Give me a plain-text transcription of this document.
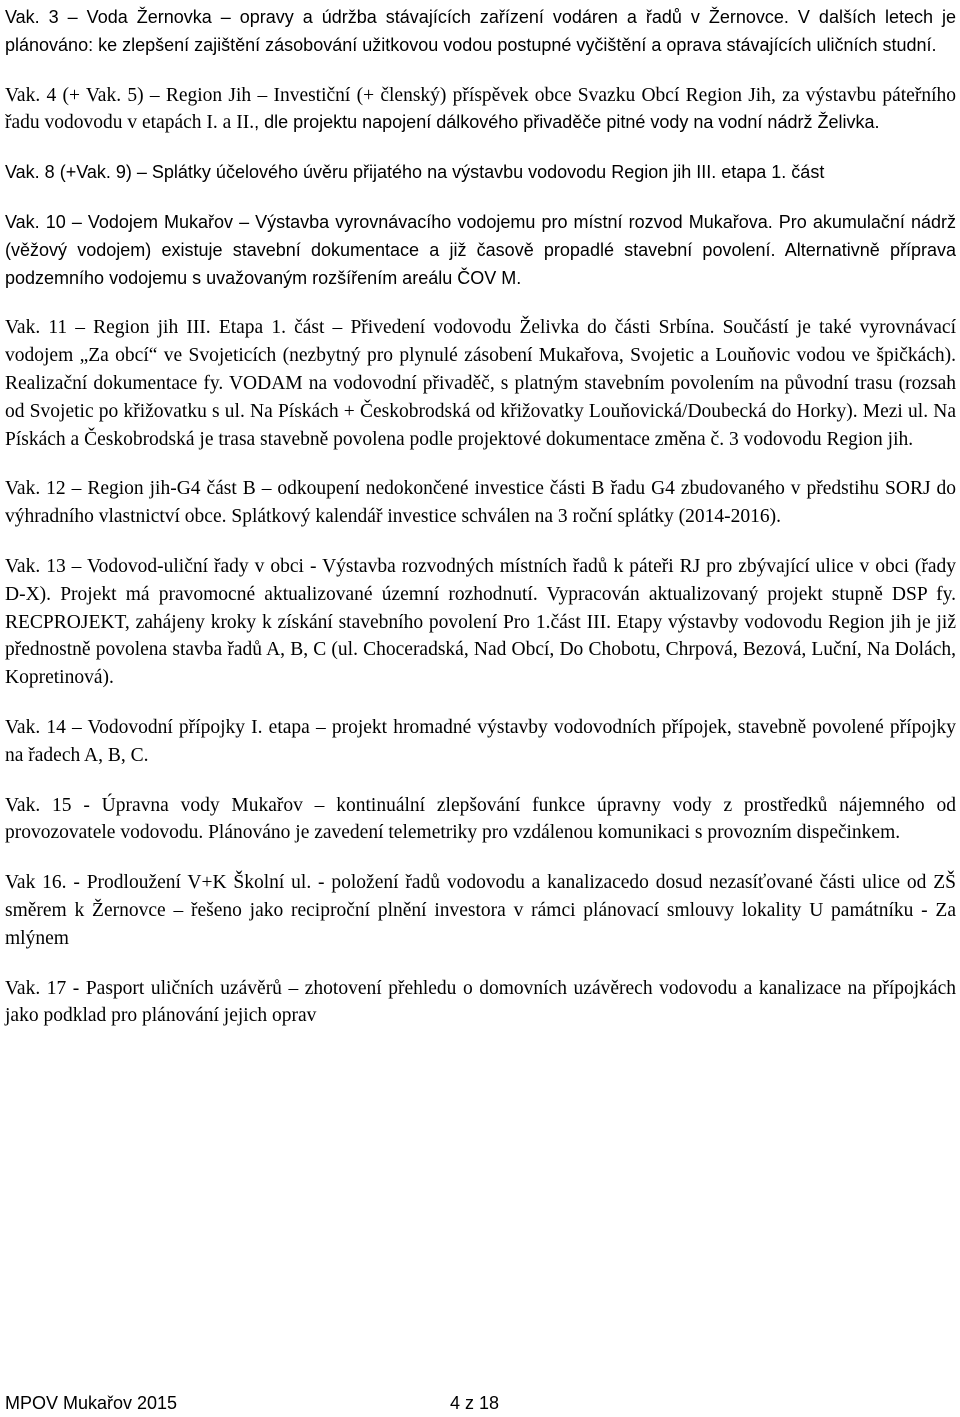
Vak. 3 – Voda Žernovka – opravy a údržba stávajících zařízení vodáren a řadů v Žernovce. V dalších letech je plánováno: ke zlepšení zajištění zásobování užitkovou vodou postupné vyčištění a oprava stávajících uličních studní.

Vak. 4 (+ Vak. 5) – Region Jih – Investiční (+ členský) příspěvek obce Svazku Obcí Region Jih, za výstavbu páteřního řadu vodovodu v etapách I. a II., dle projektu napojení dálkového přivaděče pitné vody na vodní nádrž Želivka.

Vak. 8 (+Vak. 9) – Splátky účelového úvěru přijatého na výstavbu vodovodu Region jih III. etapa 1. část

Vak. 10 – Vodojem Mukařov – Výstavba vyrovnávacího vodojemu pro místní rozvod Mukařova. Pro akumulační nádrž (věžový vodojem) existuje stavební dokumentace a již časově propadlé stavební povolení. Alternativně příprava podzemního vodojemu s uvažovaným rozšířením areálu ČOV M.

Vak. 11 – Region jih III. Etapa 1. část – Přivedení vodovodu Želivka do části Srbína. Součástí je také vyrovnávací vodojem „Za obcí“ ve Svojeticích (nezbytný pro plynulé zásobení Mukařova, Svojetic a Louňovic vodou ve špičkách). Realizační dokumentace fy. VODAM na vodovodní přivaděč, s platným stavebním povolením na původní trasu (rozsah od Svojetic po křižovatku s ul. Na Pískách + Českobrodská od křižovatky Louňovická/Doubecká do Horky). Mezi ul. Na Pískách a Českobrodská je trasa stavebně povolena podle projektové dokumentace změna č. 3 vodovodu Region jih.

Vak. 12 – Region jih-G4 část B – odkoupení nedokončené investice části B řadu G4 zbudovaného v předstihu SORJ do výhradního vlastnictví obce. Splátkový kalendář investice schválen na 3 roční splátky (2014-2016).

Vak. 13 – Vodovod-uliční řady v obci - Výstavba rozvodných místních řadů k páteři RJ pro zbývající ulice v obci (řady D-X). Projekt má pravomocné aktualizované územní rozhodnutí. Vypracován aktualizovaný projekt stupně DSP fy. RECPROJEKT, zahájeny kroky k získání stavebního povolení Pro 1.část III. Etapy výstavby vodovodu Region jih je již přednostně povolena stavba řadů A, B, C (ul. Choceradská, Nad Obcí, Do Chobotu, Chrpová, Bezová, Luční, Na Dolách, Kopretinová).

Vak. 14 – Vodovodní přípojky I. etapa – projekt hromadné výstavby vodovodních přípojek, stavebně povolené přípojky na řadech A, B, C.

Vak. 15 - Úpravna vody Mukařov – kontinuální zlepšování funkce úpravny vody z prostředků nájemného od provozovatele vodovodu. Plánováno je zavedení telemetriky pro vzdálenou komunikaci s provozním dispečinkem.

Vak 16. - Prodloužení V+K Školní ul. - položení řadů vodovodu a kanalizacedo dosud nezasíťované části ulice od ZŠ směrem k Žernovce – řešeno jako reciproční plnění investora v rámci plánovací smlouvy lokality U památníku - Za mlýnem

Vak. 17 - Pasport uličních uzávěrů – zhotovení přehledu o domovních uzávěrech vodovodu a kanalizace na přípojkách jako podklad pro plánování jejich oprav

MPOV Mukařov 2015	4 z 18
